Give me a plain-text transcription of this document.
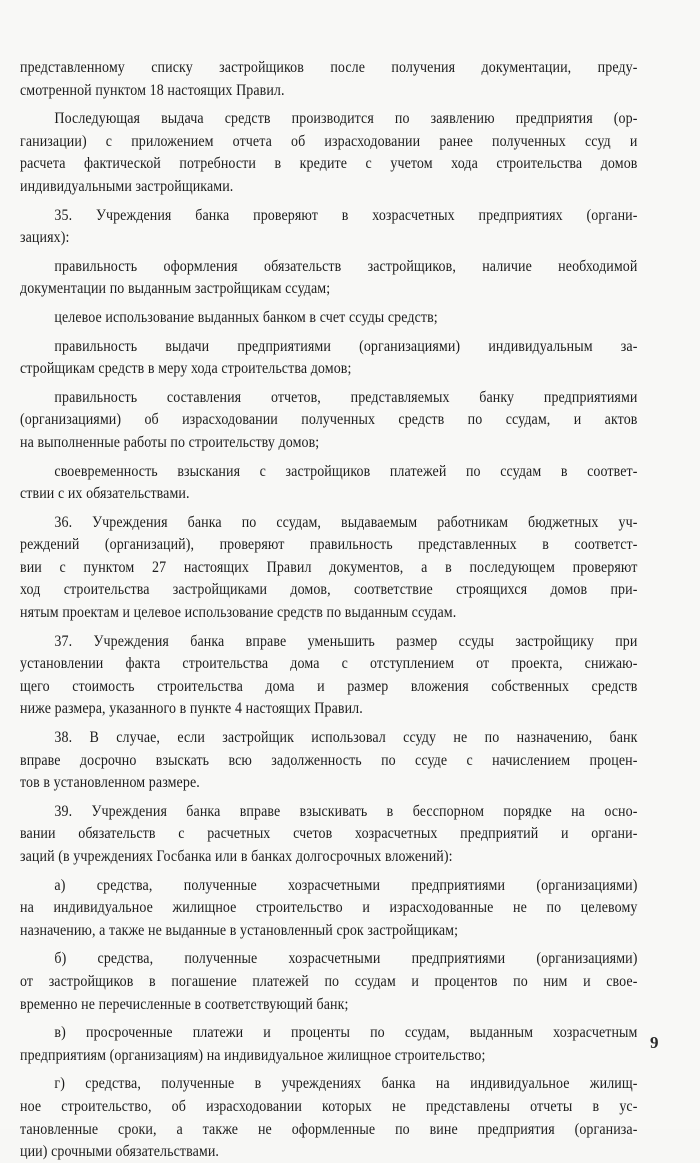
представленному списку застройщиков после получения документации, преду-
смотренной пунктом 18 настоящих Правил.
Последующая выдача средств производится по заявлению предприятия (ор-
ганизации) с приложением отчета об израсходовании ранее полученных ссуд и
расчета фактической потребности в кредите с учетом хода строительства домов
индивидуальными застройщиками.
35. Учреждения банка проверяют в хозрасчетных предприятиях (органи-
зациях):
правильность оформления обязательств застройщиков, наличие необходимой
документации по выданным застройщикам ссудам;
целевое использование выданных банком в счет ссуды средств;
правильность выдачи предприятиями (организациями) индивидуальным за-
стройщикам средств в меру хода строительства домов;
правильность составления отчетов, представляемых банку предприятиями
(организациями) об израсходовании полученных средств по ссудам, и актов
на выполненные работы по строительству домов;
своевременность взыскания с застройщиков платежей по ссудам в соответ-
ствии с их обязательствами.
36. Учреждения банка по ссудам, выдаваемым работникам бюджетных уч-
реждений (организаций), проверяют правильность представленных в соответст-
вии с пунктом 27 настоящих Правил документов, а в последующем проверяют
ход строительства застройщиками домов, соответствие строящихся домов при-
нятым проектам и целевое использование средств по выданным ссудам.
37. Учреждения банка вправе уменьшить размер ссуды застройщику при
установлении факта строительства дома с отступлением от проекта, снижаю-
щего стоимость строительства дома и размер вложения собственных средств
ниже размера, указанного в пункте 4 настоящих Правил.
38. В случае, если застройщик использовал ссуду не по назначению, банк
вправе досрочно взыскать всю задолженность по ссуде с начислением процен-
тов в установленном размере.
39. Учреждения банка вправе взыскивать в бесспорном порядке на осно-
вании обязательств с расчетных счетов хозрасчетных предприятий и органи-
заций (в учреждениях Госбанка или в банках долгосрочных вложений):
а) средства, полученные хозрасчетными предприятиями (организациями)
на индивидуальное жилищное строительство и израсходованные не по целевому
назначению, а также не выданные в установленный срок застройщикам;
б) средства, полученные хозрасчетными предприятиями (организациями)
от застройщиков в погашение платежей по ссудам и процентов по ним и свое-
временно не перечисленные в соответствующий банк;
в) просроченные платежи и проценты по ссудам, выданным хозрасчетным
предприятиям (организациям) на индивидуальное жилищное строительство;
г) средства, полученные в учреждениях банка на индивидуальное жилищ-
ное строительство, об израсходовании которых не представлены отчеты в ус-
тановленные сроки, а также не оформленные по вине предприятия (организа-
ции) срочными обязательствами.
9
